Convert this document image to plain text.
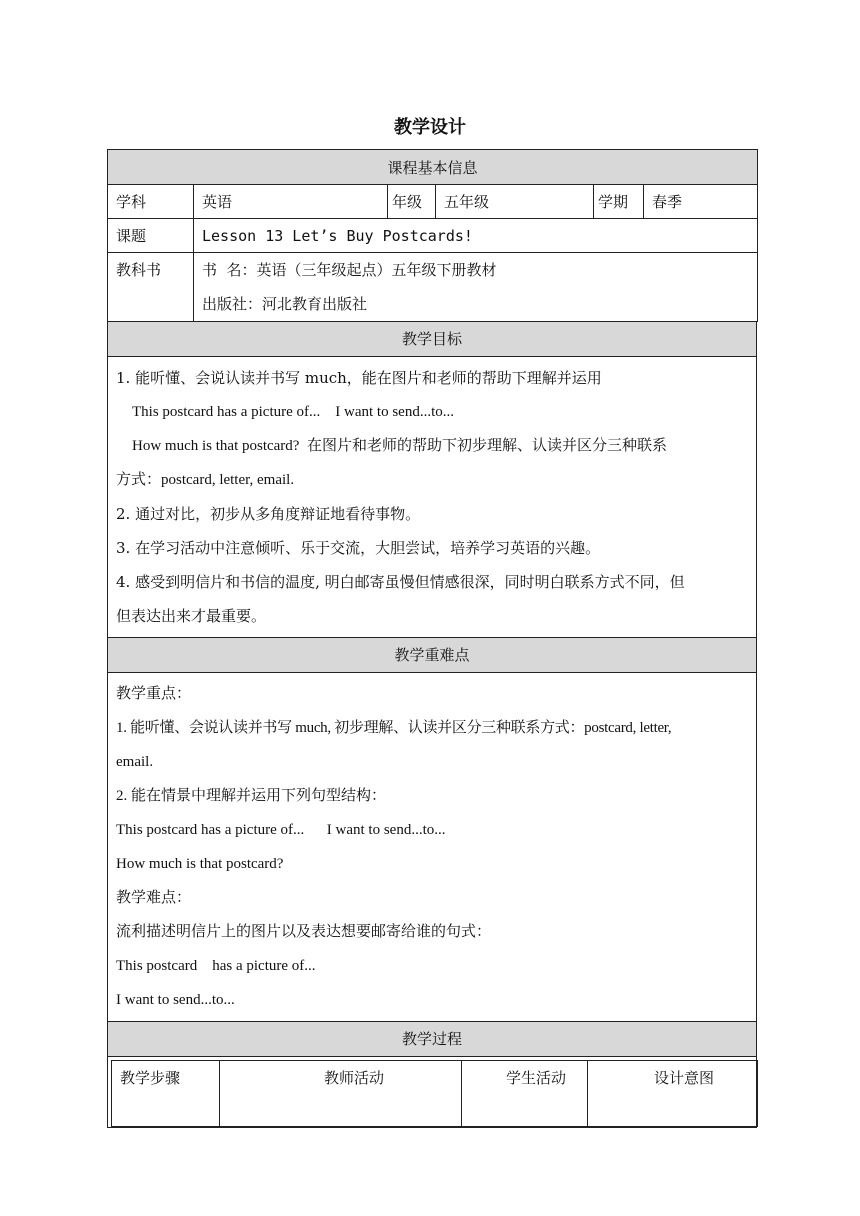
教学设计
课程基本信息					
学科	英语	年级	五年级	学期	春季
课题	Lesson 13 Let’s Buy Postcards!				
教科书	书  名：英语（三年级起点）五年级下册教材
出版社：河北教育出版社				
教学目标
1. 能听懂、会说认读并书写 much，能在图片和老师的帮助下理解并运用
This postcard has a picture of...    I want to send...to...
How much is that postcard?  在图片和老师的帮助下初步理解、认读并区分三种联系
方式：postcard, letter, email.
2. 通过对比，初步从多角度辩证地看待事物。
3. 在学习活动中注意倾听、乐于交流，大胆尝试，培养学习英语的兴趣。
4. 感受到明信片和书信的温度, 明白邮寄虽慢但情感很深，同时明白联系方式不同，但
但表达出来才最重要。
教学重难点
教学重点：
1. 能听懂、会说认读并书写 much, 初步理解、认读并区分三种联系方式：postcard, letter,
email.
2. 能在情景中理解并运用下列句型结构：
This postcard has a picture of...      I want to send...to...
How much is that postcard?
教学难点：
流利描述明信片上的图片以及表达想要邮寄给谁的句式：
This postcard    has a picture of...
I want to send...to...
教学过程
教学步骤	教师活动	学生活动	设计意图
